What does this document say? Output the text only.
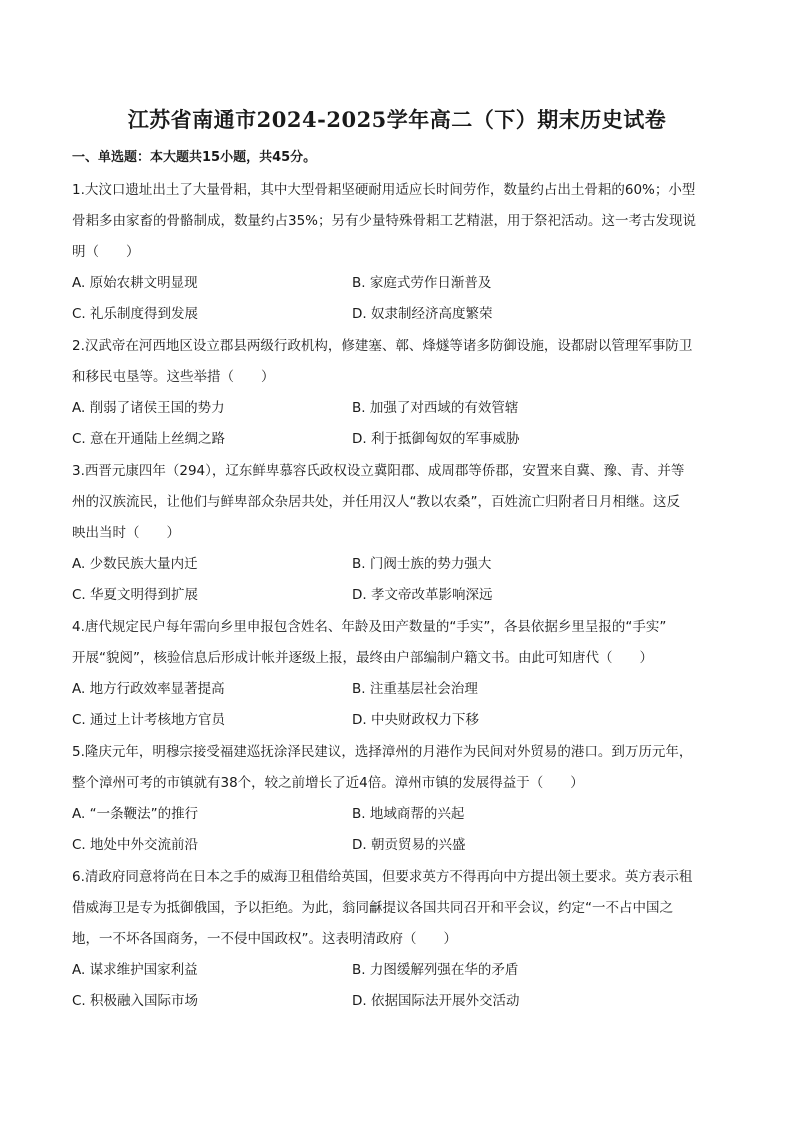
江苏省南通市2024-2025学年高二（下）期末历史试卷
一、单选题：本大题共15小题，共45分。
1.大汶口遗址出土了大量骨耜，其中大型骨耜坚硬耐用适应长时间劳作，数量约占出土骨耜的60%；小型
骨耜多由家畜的骨骼制成，数量约占35%；另有少量特殊骨耜工艺精湛，用于祭祀活动。这一考古发现说
明（　　）
A. 原始农耕文明显现	B. 家庭式劳作日渐普及
C. 礼乐制度得到发展	D. 奴隶制经济高度繁荣
2.汉武帝在河西地区设立郡县两级行政机构，修建塞、鄣、烽燧等诸多防御设施，设都尉以管理军事防卫
和移民屯垦等。这些举措（　　）
A. 削弱了诸侯王国的势力	B. 加强了对西域的有效管辖
C. 意在开通陆上丝绸之路	D. 利于抵御匈奴的军事威胁
3.西晋元康四年（294），辽东鲜卑慕容氏政权设立冀阳郡、成周郡等侨郡，安置来自冀、豫、青、并等
州的汉族流民，让他们与鲜卑部众杂居共处，并任用汉人“教以农桑”，百姓流亡归附者日月相继。这反
映出当时（　　）
A. 少数民族大量内迁	B. 门阀士族的势力强大
C. 华夏文明得到扩展	D. 孝文帝改革影响深远
4.唐代规定民户每年需向乡里申报包含姓名、年龄及田产数量的“手实”，各县依据乡里呈报的“手实”
开展“貌阅”，核验信息后形成计帐并逐级上报，最终由户部编制户籍文书。由此可知唐代（　　）
A. 地方行政效率显著提高	B. 注重基层社会治理
C. 通过上计考核地方官员	D. 中央财政权力下移
5.隆庆元年，明穆宗接受福建巡抚涂泽民建议，选择漳州的月港作为民间对外贸易的港口。到万历元年，
整个漳州可考的市镇就有38个，较之前增长了近4倍。漳州市镇的发展得益于（　　）
A. “一条鞭法”的推行	B. 地域商帮的兴起
C. 地处中外交流前沿	D. 朝贡贸易的兴盛
6.清政府同意将尚在日本之手的威海卫租借给英国，但要求英方不得再向中方提出领土要求。英方表示租
借威海卫是专为抵御俄国，予以拒绝。为此，翁同龢提议各国共同召开和平会议，约定“一不占中国之
地，一不坏各国商务，一不侵中国政权”。这表明清政府（　　）
A. 谋求维护国家利益	B. 力图缓解列强在华的矛盾
C. 积极融入国际市场	D. 依据国际法开展外交活动
